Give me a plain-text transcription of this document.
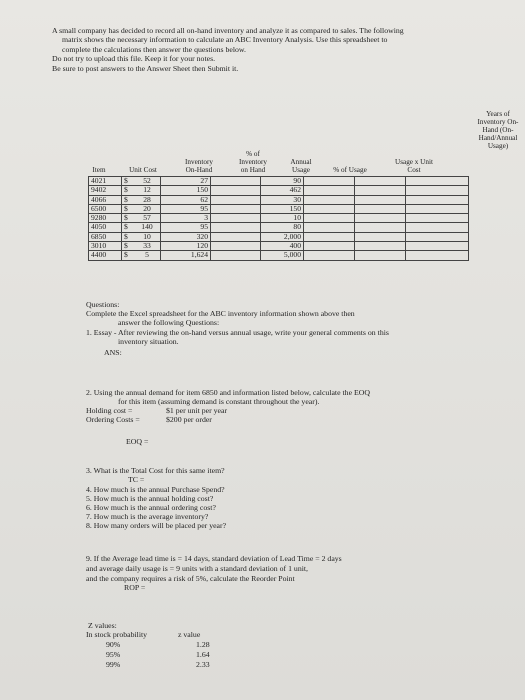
A small company has decided to record all on-hand inventory and analyze it as compared to sales. The following
matrix shows the necessary information to calculate an ABC Inventory Analysis. Use this spreadsheet to
complete the calculations then answer the questions below.
Do not try to upload this file. Keep it for your notes.
Be sure to post answers to the Answer Sheet then Submit it.
Years of
Inventory On-
Hand (On-
Hand/Annual
Usage)
% of
Inventory
on Hand
Inventory
On-Hand
Annual
Usage	% of Usage
Usage x Unit
Cost
Item	Unit Cost
4021	$	52	27		90			
9402	$	12	150		462			
4066	$	28	62		30			
6500	$	20	95		150			
9280	$	57	3		10			
4050	$	140	95		80			
6850	$	10	320		2,000			
3010	$	33	120		400			
4400	$	5	1,624		5,000			
Questions:
Complete the Excel spreadsheet for the ABC inventory information shown above then
answer the following Questions:
1. Essay - After reviewing the on-hand versus annual usage, write your general comments on this
inventory situation.
ANS:
2. Using the annual demand for item 6850 and information listed below, calculate the EOQ
for this item (assuming demand is constant throughout the year).
Holding cost =	$1 per unit per year
Ordering Costs =	$200 per order
EOQ =
3. What is the Total Cost for this same item?
TC =
4. How much is the annual Purchase Spend?
5. How much is the annual holding cost?
6. How much is the annual ordering cost?
7. How much is the average inventory?
8. How many orders will be placed per year?
9. If the Average lead time is = 14 days, standard deviation of Lead Time = 2 days
and average daily usage is = 9 units with a standard deviation of 1 unit,
and the company requires a risk of 5%, calculate the Reorder Point
ROP =
Z values:
In stock probability	z value
90%	1.28
95%	1.64
99%	2.33
